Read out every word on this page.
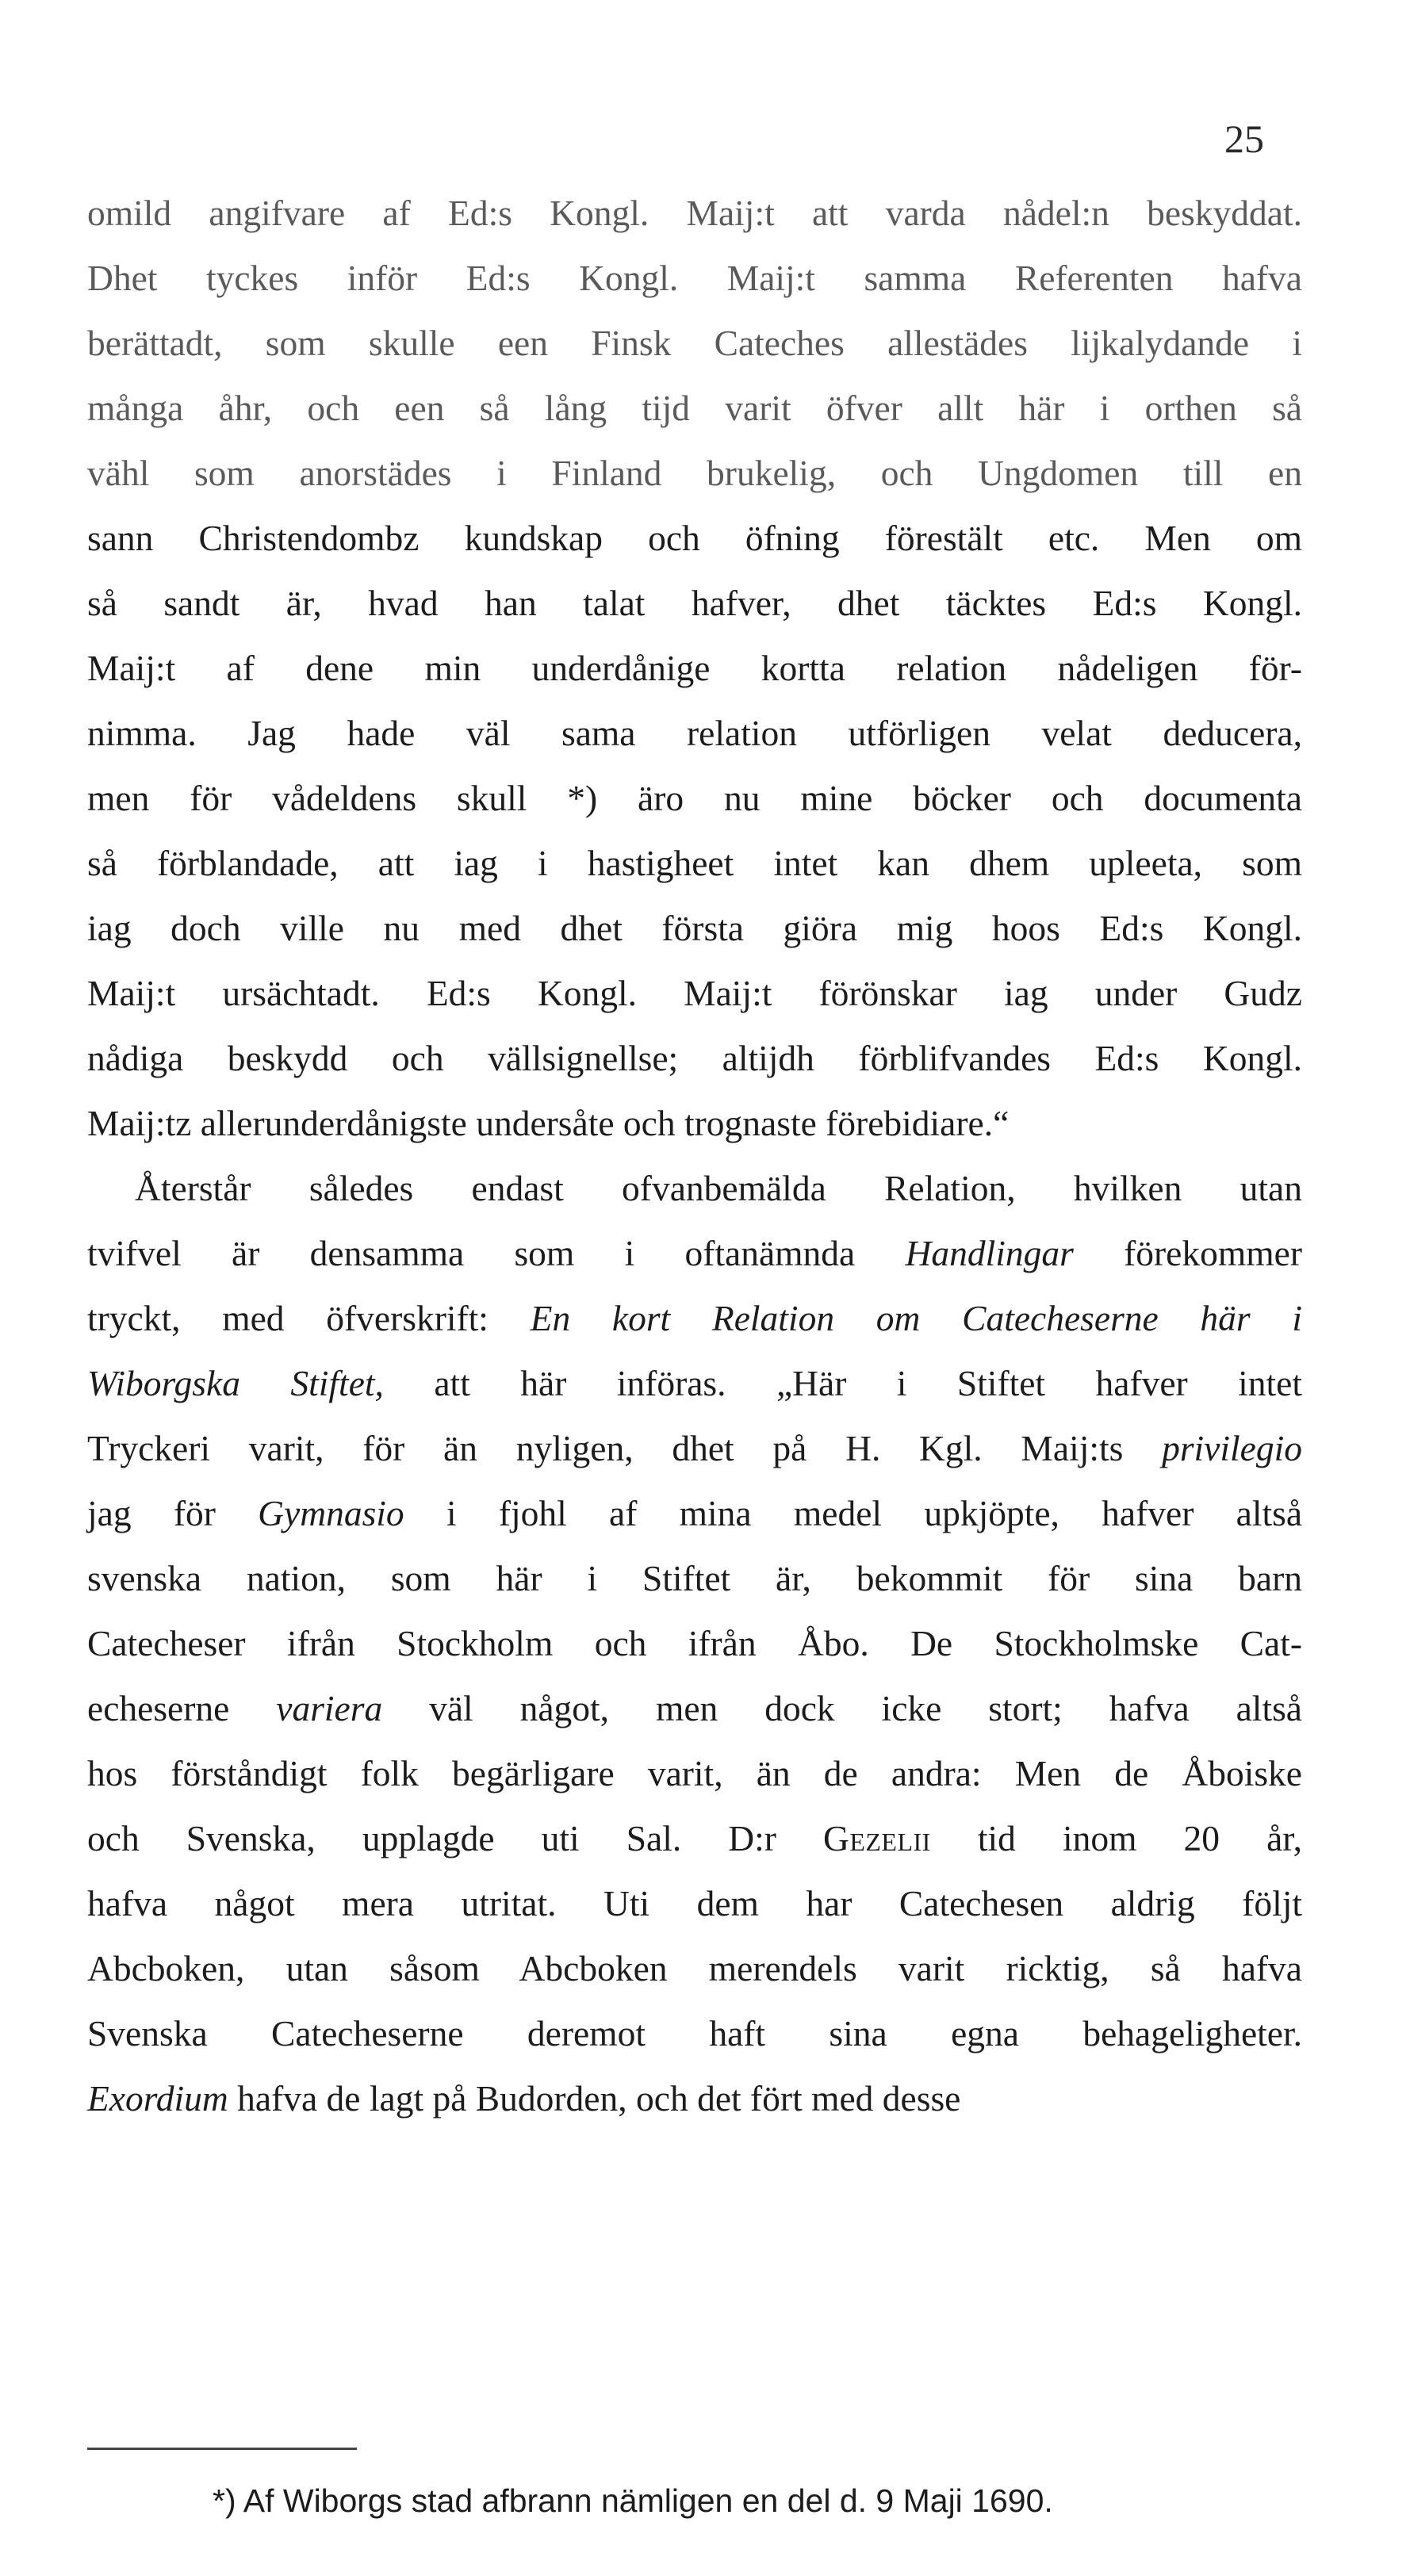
25
omild angifvare af Ed:s Kongl. Maij:t att varda nådel:n beskyddat.
Dhet tyckes inför Ed:s Kongl. Maij:t samma Referenten hafva
berättadt, som skulle een Finsk Cateches allestädes lijkalydande i
många åhr, och een så lång tijd varit öfver allt här i orthen så
vähl som anorstädes i Finland brukelig, och Ungdomen till en
sann Christendombz kundskap och öfning förestält etc. Men om
så sandt är, hvad han talat hafver, dhet täcktes Ed:s Kongl.
Maij:t af dene min underdånige kortta relation nådeligen för-
nimma. Jag hade väl sama relation utförligen velat deducera,
men för vådeldens skull *) äro nu mine böcker och documenta
så förblandade, att iag i hastigheet intet kan dhem upleeta, som
iag doch ville nu med dhet första giöra mig hoos Ed:s Kongl.
Maij:t ursächtadt. Ed:s Kongl. Maij:t förönskar iag under Gudz
nådiga beskydd och vällsignellse; altijdh förblifvandes Ed:s Kongl.
Maij:tz allerunderdånigste undersåte och trognaste förebidiare.“
Återstår således endast ofvanbemälda Relation, hvilken utan
tvifvel är densamma som i oftanämnda Handlingar förekommer
tryckt, med öfverskrift: En kort Relation om Catecheserne här i
Wiborgska Stiftet, att här införas. „Här i Stiftet hafver intet
Tryckeri varit, för än nyligen, dhet på H. Kgl. Maij:ts privilegio
jag för Gymnasio i fjohl af mina medel upkjöpte, hafver altså
svenska nation, som här i Stiftet är, bekommit för sina barn
Catecheser ifrån Stockholm och ifrån Åbo. De Stockholmske Cat-
echeserne variera väl något, men dock icke stort; hafva altså
hos förståndigt folk begärligare varit, än de andra: Men de Åboiske
och Svenska, upplagde uti Sal. D:r Gezelii tid inom 20 år,
hafva något mera utritat. Uti dem har Catechesen aldrig följt
Abcboken, utan såsom Abcboken merendels varit ricktig, så hafva
Svenska Catecheserne deremot haft sina egna behageligheter.
Exordium hafva de lagt på Budorden, och det fört med desse
*) Af Wiborgs stad afbrann nämligen en del d. 9 Maji 1690.
